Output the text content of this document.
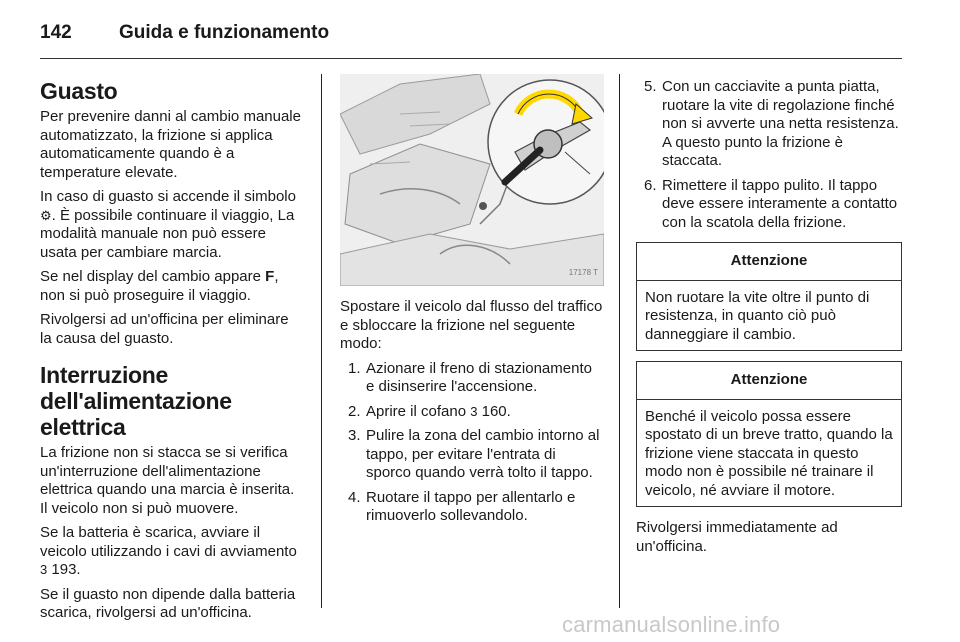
142 Guida e funzionamento
Guasto

Per prevenire danni al cambio manuale automatizzato, la frizione si applica automaticamente quando è a temperature elevate.

In caso di guasto si accende il simbolo ⚙. È possibile continuare il viaggio, La modalità manuale non può essere usata per cambiare marcia.

Se nel display del cambio appare F, non si può proseguire il viaggio.

Rivolgersi ad un'officina per eliminare la causa del guasto.

Interruzione dell'alimentazione elettrica

La frizione non si stacca se si verifica un'interruzione dell'alimentazione elettrica quando una marcia è inserita. Il veicolo non si può muovere.

Se la batteria è scarica, avviare il veicolo utilizzando i cavi di avviamento
3 193.

Se il guasto non dipende dalla batteria scarica, rivolgersi ad un'officina.

17178 T

Spostare il veicolo dal flusso del traffico e sbloccare la frizione nel seguente modo:

1. Azionare il freno di stazionamento e disinserire l'accensione.
2. Aprire il cofano 3 160.
3. Pulire la zona del cambio intorno al tappo, per evitare l'entrata di sporco quando verrà tolto il tappo.
4. Ruotare il tappo per allentarlo e rimuoverlo sollevandolo.
5. Con un cacciavite a punta piatta, ruotare la vite di regolazione finché non si avverte una netta resistenza. A questo punto la frizione è staccata.
6. Rimettere il tappo pulito. Il tappo deve essere interamente a contatto con la scatola della frizione.
Attenzione
Non ruotare la vite oltre il punto di resistenza, in quanto ciò può danneggiare il cambio.
Attenzione
Benché il veicolo possa essere spostato di un breve tratto, quando la frizione viene staccata in questo modo non è possibile né trainare il veicolo, né avviare il motore.

Rivolgersi immediatamente ad un'officina.

carmanualsonline.info
